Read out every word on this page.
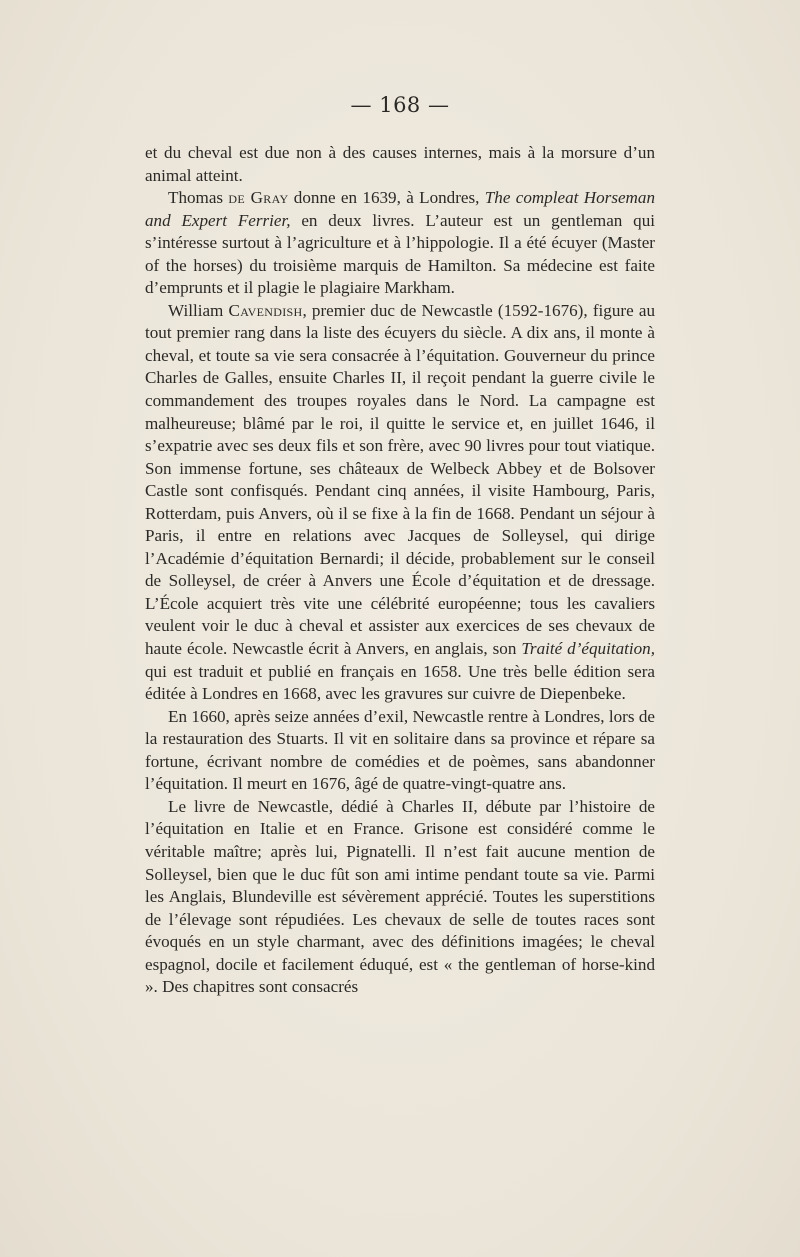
— 168 —

et du cheval est due non à des causes internes, mais à la morsure d’un animal atteint.

Thomas de Gray donne en 1639, à Londres, The compleat Horseman and Expert Ferrier, en deux livres. L’auteur est un gentleman qui s’intéresse surtout à l’agriculture et à l’hippologie. Il a été écuyer (Master of the horses) du troisième marquis de Hamilton. Sa médecine est faite d’emprunts et il plagie le plagiaire Markham.

William Cavendish, premier duc de Newcastle (1592-1676), figure au tout premier rang dans la liste des écuyers du siècle. A dix ans, il monte à cheval, et toute sa vie sera consacrée à l’équitation. Gouverneur du prince Charles de Galles, ensuite Charles II, il reçoit pendant la guerre civile le commandement des troupes royales dans le Nord. La campagne est malheureuse; blâmé par le roi, il quitte le service et, en juillet 1646, il s’expatrie avec ses deux fils et son frère, avec 90 livres pour tout viatique. Son immense fortune, ses châteaux de Welbeck Abbey et de Bolsover Castle sont confisqués. Pendant cinq années, il visite Hambourg, Paris, Rotterdam, puis Anvers, où il se fixe à la fin de 1668. Pendant un séjour à Paris, il entre en relations avec Jacques de Solleysel, qui dirige l’Académie d’équitation Bernardi; il décide, probablement sur le conseil de Solleysel, de créer à Anvers une École d’équitation et de dressage. L’École acquiert très vite une célébrité européenne; tous les cavaliers veulent voir le duc à cheval et assister aux exercices de ses chevaux de haute école. Newcastle écrit à Anvers, en anglais, son Traité d’équitation, qui est traduit et publié en français en 1658. Une très belle édition sera éditée à Londres en 1668, avec les gravures sur cuivre de Diepenbeke.

En 1660, après seize années d’exil, Newcastle rentre à Londres, lors de la restauration des Stuarts. Il vit en solitaire dans sa province et répare sa fortune, écrivant nombre de comédies et de poèmes, sans abandonner l’équitation. Il meurt en 1676, âgé de quatre-vingt-quatre ans.

Le livre de Newcastle, dédié à Charles II, débute par l’histoire de l’équitation en Italie et en France. Grisone est considéré comme le véritable maître; après lui, Pignatelli. Il n’est fait aucune mention de Solleysel, bien que le duc fût son ami intime pendant toute sa vie. Parmi les Anglais, Blundeville est sévèrement apprécié. Toutes les superstitions de l’élevage sont répudiées. Les chevaux de selle de toutes races sont évoqués en un style charmant, avec des définitions imagées; le cheval espagnol, docile et facilement éduqué, est « the gentleman of horse-kind ». Des chapitres sont consacrés
